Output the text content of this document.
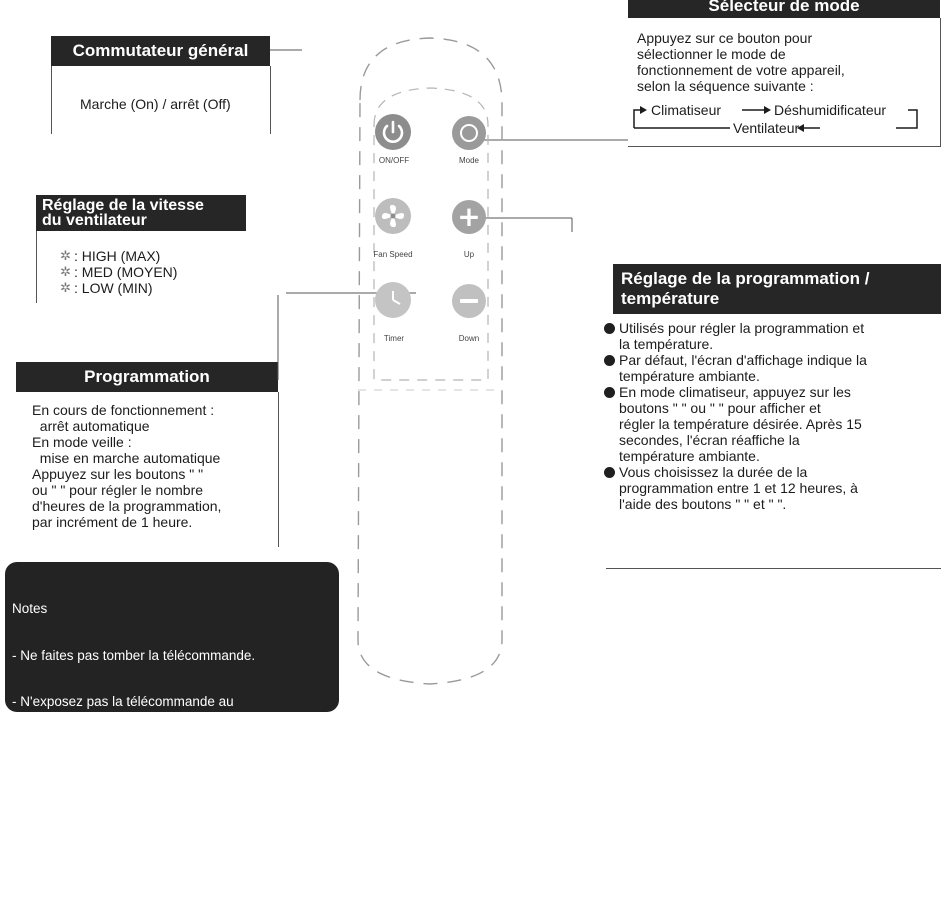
Sélecteur de mode
Appuyez sur ce bouton pour
sélectionner le mode de
fonctionnement de votre appareil,
selon la séquence suivante :
Climatiseur	Déshumidificateur
Ventilateur
Commutateur général
Marche (On) / arrêt (Off)
Réglage de la vitesse
du ventilateur
✲
✲
✲
: HIGH (MAX)
: MED (MOYEN)
: LOW (MIN)
Programmation
En cours de fonctionnement :
arrêt automatique
En mode veille :
mise en marche automatique
Appuyez sur les boutons " "
ou " " pour régler le nombre
d'heures de la programmation,
par incrément de 1 heure.

Notes

- Ne faites pas tomber la télécommande.

- N'exposez pas la télécommande au

rayons directs du soleil.

- Éloignez la télécommande d'au-moins

1 mètre de la télévison ou autre appareil

électique.

Réglage de la programmation /
température
Utilisés pour régler la programmation et
la température.
Par défaut, l'écran d'affichage indique la
température ambiante.
En mode climatiseur, appuyez sur les
boutons " " ou " " pour afficher et
régler la température désirée. Après 15
secondes, l'écran réaffiche la
température ambiante.
Vous choisissez la durée de la
programmation entre 1 et 12 heures, à
l'aide des boutons " " et " ".
ON/OFF	Mode
Fan Speed
+
Up
Timer	Down
